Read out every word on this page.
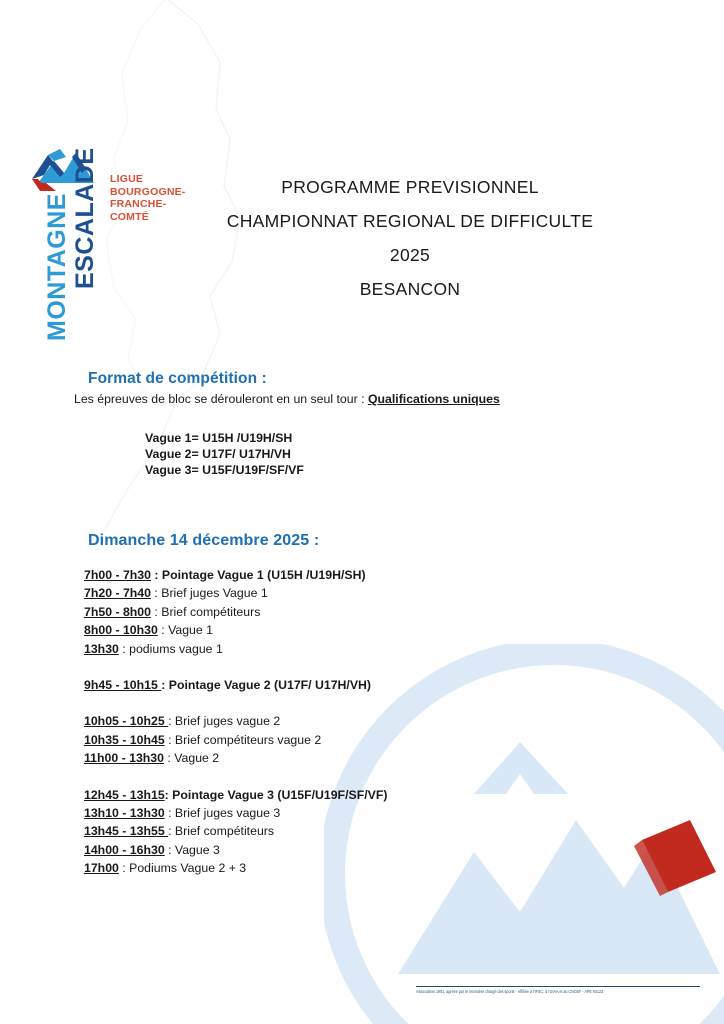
MONTAGNE ESCALADE LIGUE
BOURGOGNE-
FRANCHE-
COMTÉ
PROGRAMME PREVISIONNEL
CHAMPIONNAT REGIONAL DE DIFFICULTE
2025
BESANCON
Format de compétition :
Les épreuves de bloc se dérouleront en un seul tour : Qualifications uniques
Vague 1= U15H /U19H/SH
Vague 2= U17F/ U17H/VH
Vague 3= U15F/U19F/SF/VF
Dimanche 14 décembre 2025 :
7h00 - 7h30 : Pointage Vague 1 (U15H /U19H/SH)
7h20 - 7h40 : Brief juges Vague 1
7h50 - 8h00 : Brief compétiteurs
8h00 - 10h30 : Vague 1
13h30 : podiums vague 1
9h45 - 10h15 : Pointage Vague 2 (U17F/ U17H/VH)
10h05 - 10h25 : Brief juges vague 2
10h35 - 10h45 : Brief compétiteurs vague 2
11h00 - 13h30 : Vague 2
12h45 - 13h15: Pointage Vague 3 (U15F/U19F/SF/VF)
13h10 - 13h30 : Brief juges vague 3
13h45 - 13h55 : Brief compétiteurs
14h00 - 16h30 : Vague 3
17h00 : Podiums Vague 2 + 3
Association 1901, agréée par le ministère chargé des sports - Affiliée à l'IFSC, à l'UIAA et au CNOSF - APE 9312Z
